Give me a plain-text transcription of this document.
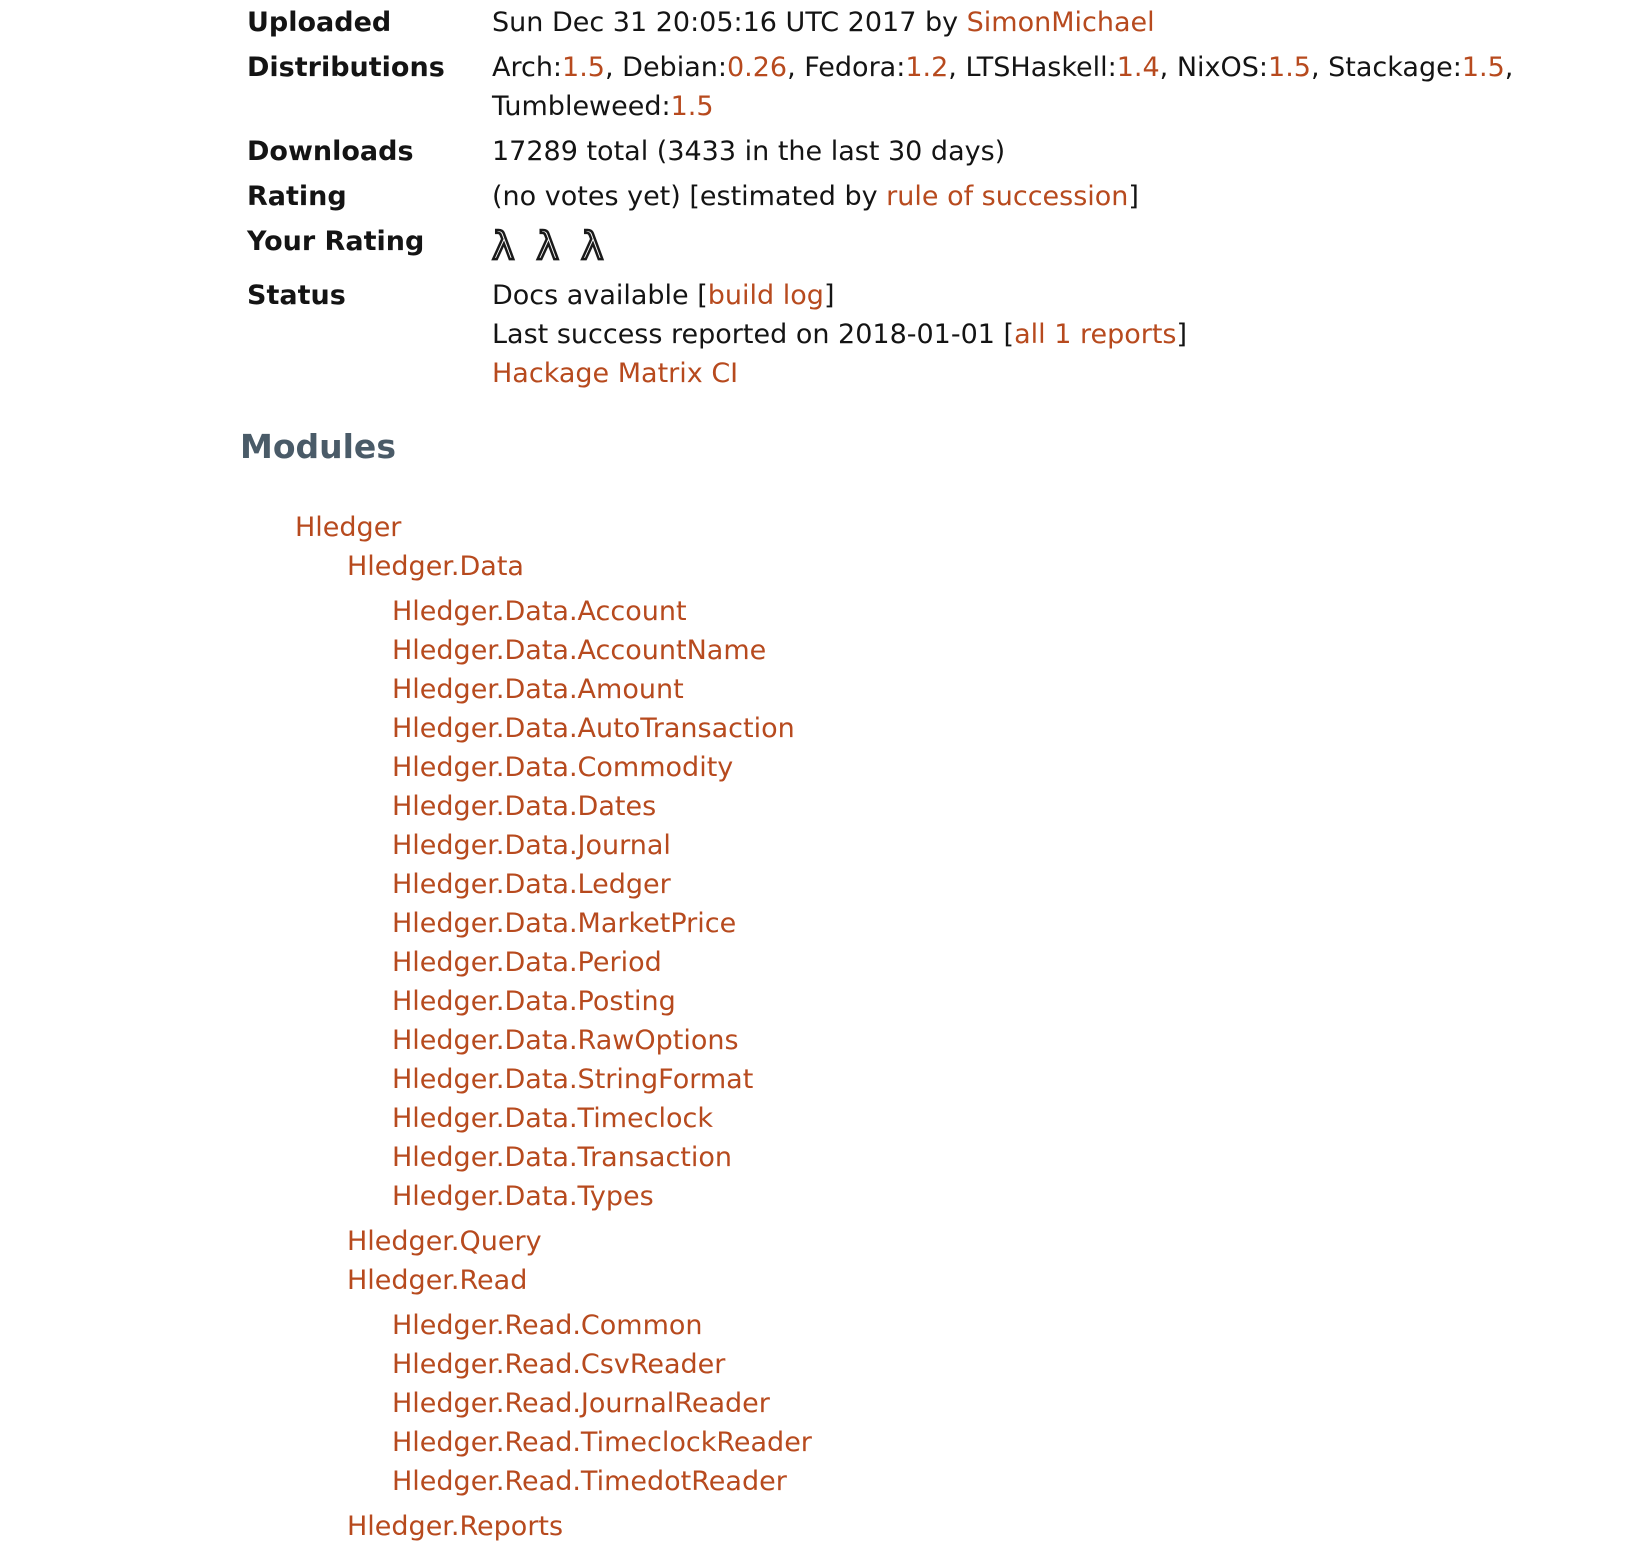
Uploaded	Sun Dec 31 20:05:16 UTC 2017 by SimonMichael
Distributions	Arch:1.5, Debian:0.26, Fedora:1.2, LTSHaskell:1.4, NixOS:1.5, Stackage:1.5,
Tumbleweed:1.5
Downloads	17289 total (3433 in the last 30 days)
Rating	(no votes yet) [estimated by rule of succession]
Your Rating	λ λ λ
Status	Docs available [build log]
Last success reported on 2018-01-01 [all 1 reports]
Hackage Matrix CI
Modules
Hledger
Hledger.Data
Hledger.Data.Account
Hledger.Data.AccountName
Hledger.Data.Amount
Hledger.Data.AutoTransaction
Hledger.Data.Commodity
Hledger.Data.Dates
Hledger.Data.Journal
Hledger.Data.Ledger
Hledger.Data.MarketPrice
Hledger.Data.Period
Hledger.Data.Posting
Hledger.Data.RawOptions
Hledger.Data.StringFormat
Hledger.Data.Timeclock
Hledger.Data.Transaction
Hledger.Data.Types
Hledger.Query
Hledger.Read
Hledger.Read.Common
Hledger.Read.CsvReader
Hledger.Read.JournalReader
Hledger.Read.TimeclockReader
Hledger.Read.TimedotReader
Hledger.Reports
